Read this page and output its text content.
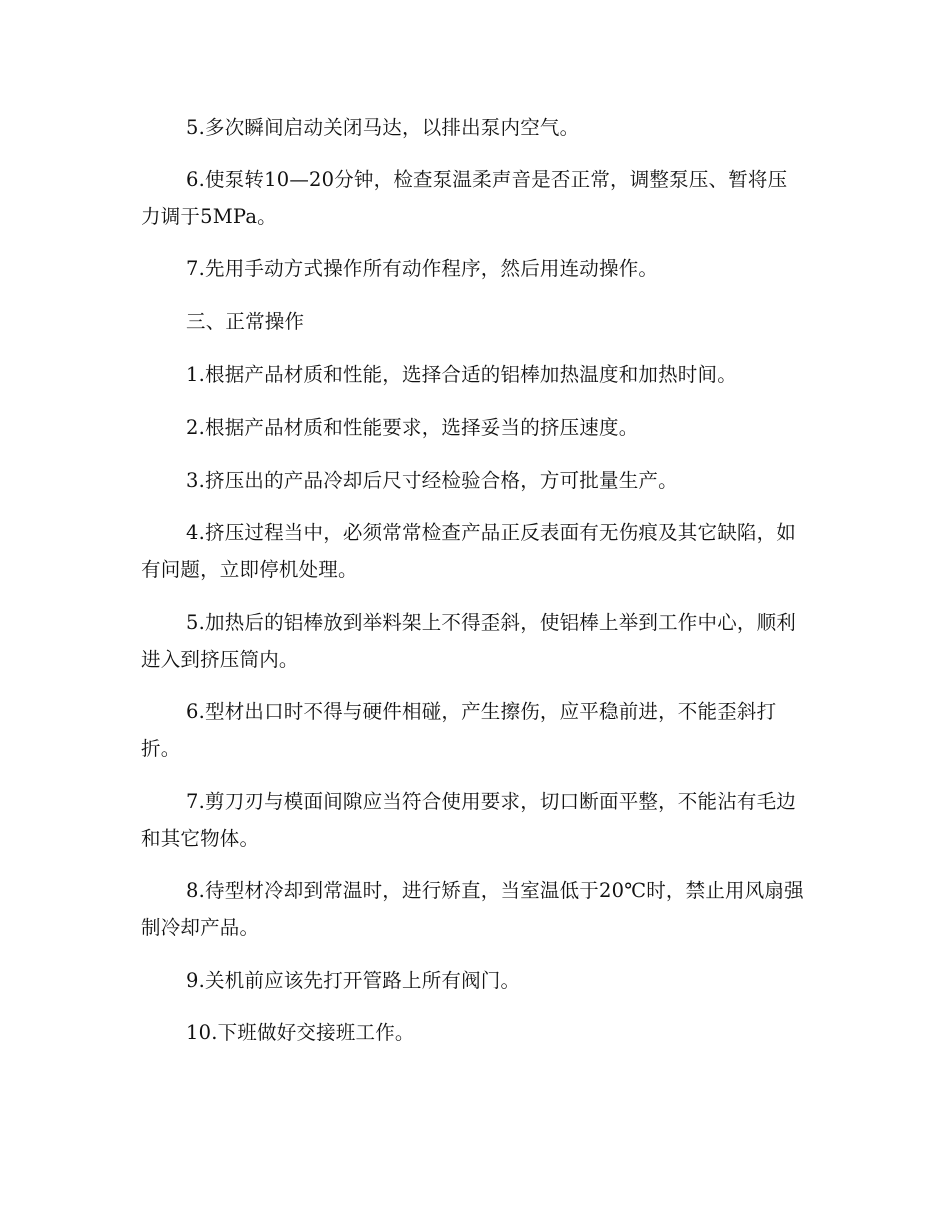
5.多次瞬间启动关闭马达，以排出泵内空气。

6.使泵转10—20分钟，检查泵温柔声音是否正常，调整泵压、暂将压力调于5MPa。

7.先用手动方式操作所有动作程序，然后用连动操作。

三、正常操作

1.根据产品材质和性能，选择合适的铝棒加热温度和加热时间。

2.根据产品材质和性能要求，选择妥当的挤压速度。

3.挤压出的产品冷却后尺寸经检验合格，方可批量生产。

4.挤压过程当中，必须常常检查产品正反表面有无伤痕及其它缺陷，如有问题，立即停机处理。

5.加热后的铝棒放到举料架上不得歪斜，使铝棒上举到工作中心，顺利进入到挤压筒内。

6.型材出口时不得与硬件相碰，产生擦伤，应平稳前进，不能歪斜打折。

7.剪刀刃与模面间隙应当符合使用要求，切口断面平整，不能沾有毛边和其它物体。

8.待型材冷却到常温时，进行矫直，当室温低于20℃时，禁止用风扇强制冷却产品。

9.关机前应该先打开管路上所有阀门。

10.下班做好交接班工作。
